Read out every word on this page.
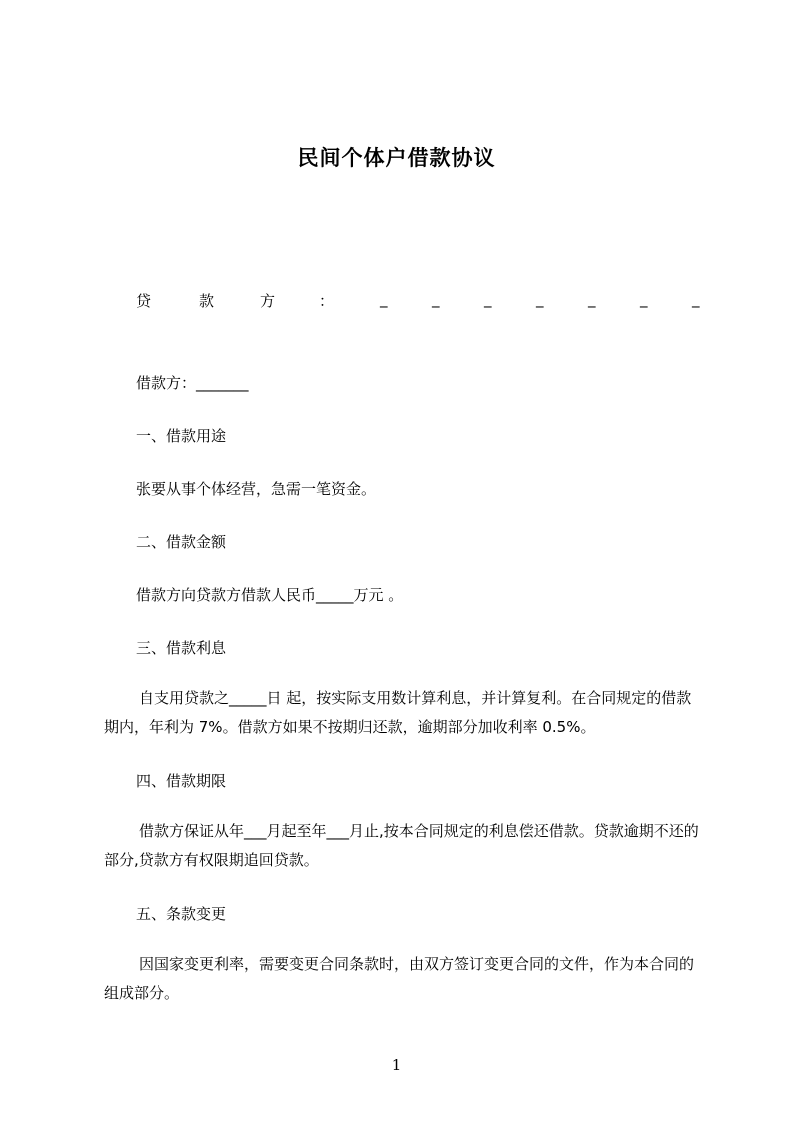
民间个体户借款协议
贷	款	方	：	_	_	_	_	_	_	_
借款方：_______
一、借款用途
张要从事个体经营，急需一笔资金。
二、借款金额
借款方向贷款方借款人民币_____万元 。
三、借款利息
自支用贷款之_____日 起，按实际支用数计算利息，并计算复利。在合同规定的借款期内，年利为 7%。借款方如果不按期归还款，逾期部分加收利率 0.5%。
四、借款期限
借款方保证从年___月起至年___月止,按本合同规定的利息偿还借款。贷款逾期不还的部分,贷款方有权限期追回贷款。
五、条款变更
因国家变更利率，需要变更合同条款时，由双方签订变更合同的文件，作为本合同的组成部分。
1
